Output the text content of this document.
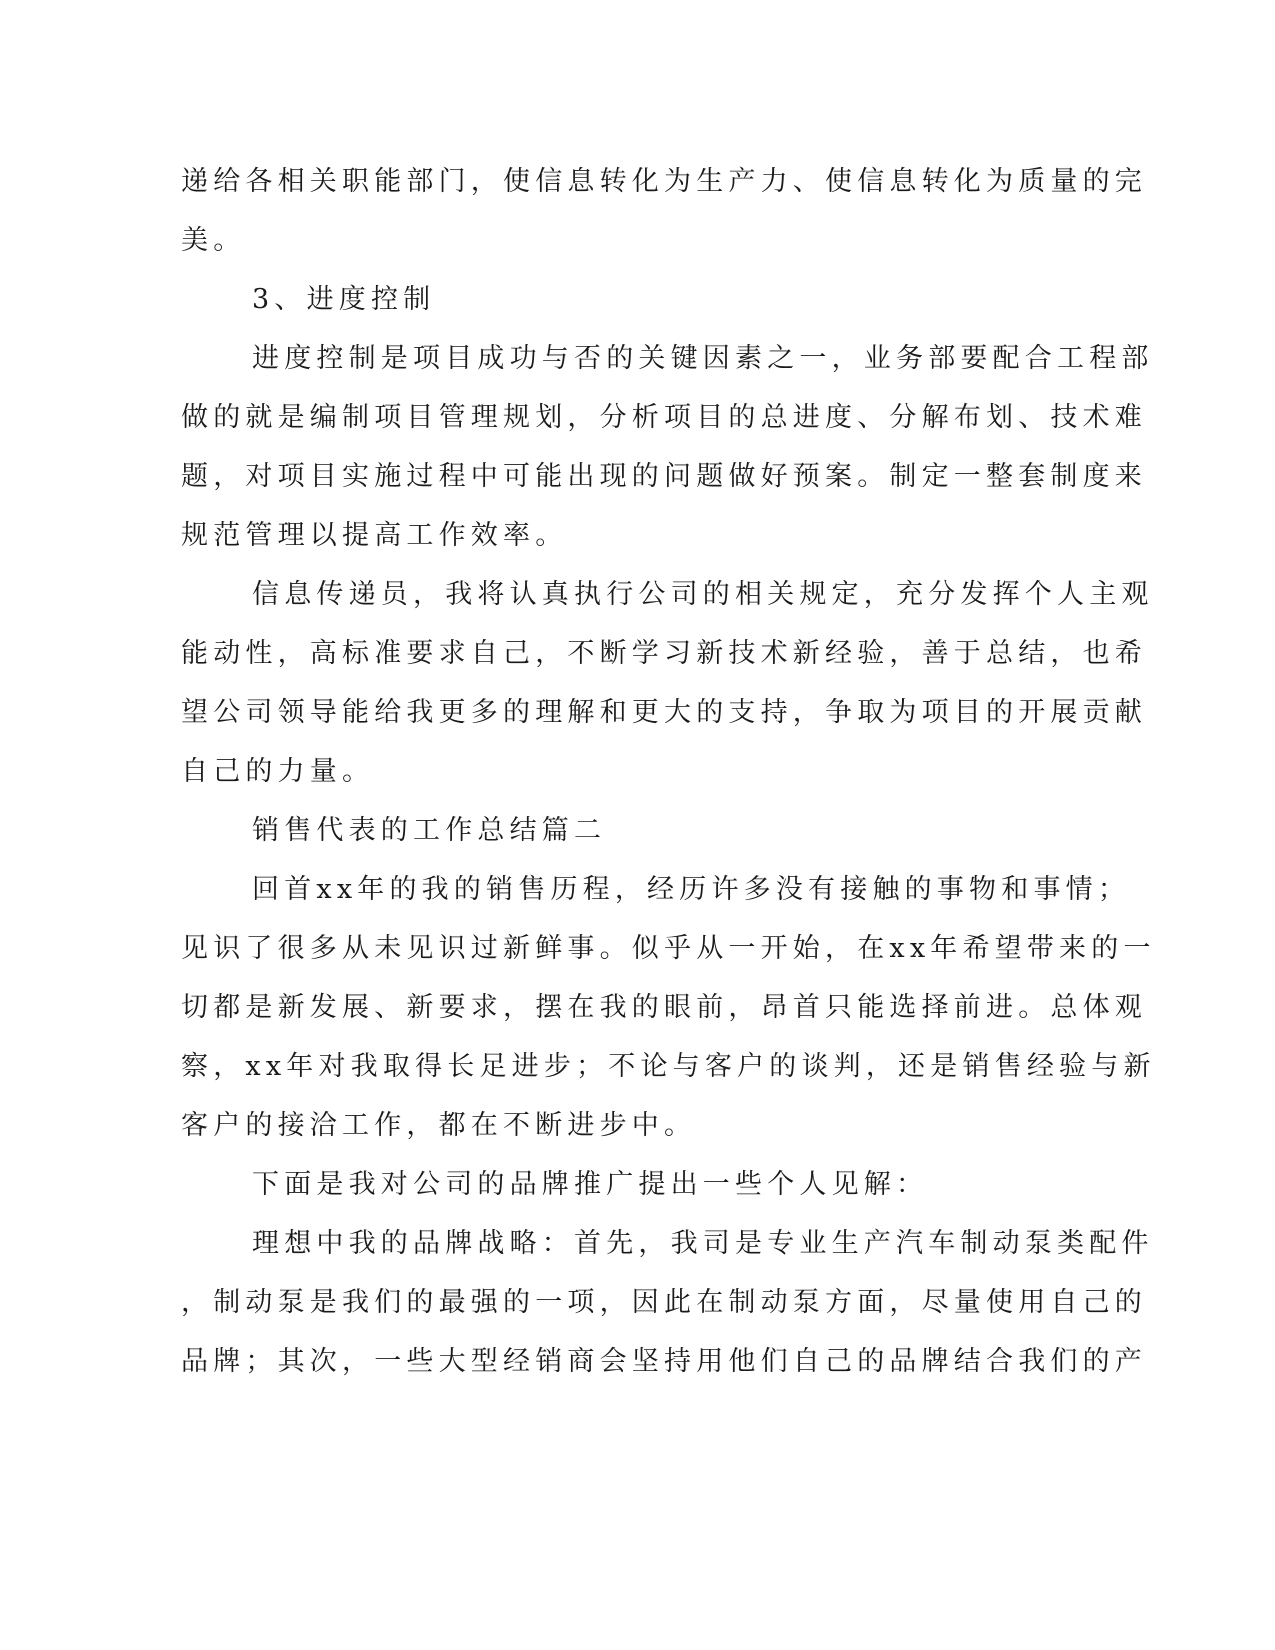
递给各相关职能部门，使信息转化为生产力、使信息转化为质量的完
美。
3、进度控制
进度控制是项目成功与否的关键因素之一，业务部要配合工程部
做的就是编制项目管理规划，分析项目的总进度、分解布划、技术难
题，对项目实施过程中可能出现的问题做好预案。制定一整套制度来
规范管理以提高工作效率。
信息传递员，我将认真执行公司的相关规定，充分发挥个人主观
能动性，高标准要求自己，不断学习新技术新经验，善于总结，也希
望公司领导能给我更多的理解和更大的支持，争取为项目的开展贡献
自己的力量。
销售代表的工作总结篇二
回首xx年的我的销售历程，经历许多没有接触的事物和事情；
见识了很多从未见识过新鲜事。似乎从一开始，在xx年希望带来的一
切都是新发展、新要求，摆在我的眼前，昂首只能选择前进。总体观
察，xx年对我取得长足进步；不论与客户的谈判，还是销售经验与新
客户的接洽工作，都在不断进步中。
下面是我对公司的品牌推广提出一些个人见解：
理想中我的品牌战略：首先，我司是专业生产汽车制动泵类配件
，制动泵是我们的最强的一项，因此在制动泵方面，尽量使用自己的
品牌；其次，一些大型经销商会坚持用他们自己的品牌结合我们的产
